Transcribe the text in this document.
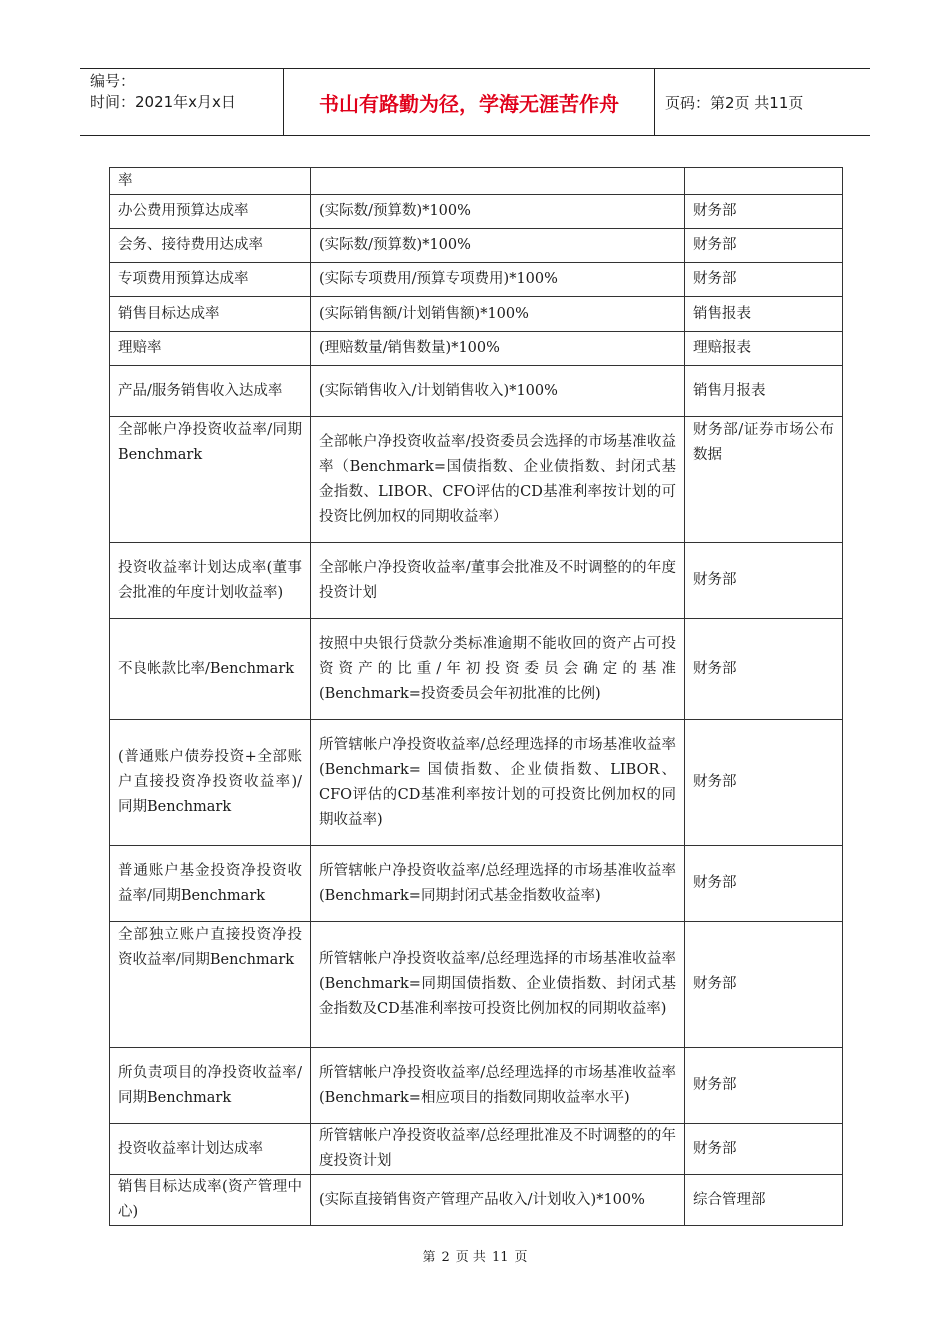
编号：
时间：2021年x月x日	书山有路勤为径，学海无涯苦作舟	页码：第2页 共11页
率		
办公费用预算达成率	(实际数/预算数)*100%	财务部
会务、接待费用达成率	(实际数/预算数)*100%	财务部
专项费用预算达成率	(实际专项费用/预算专项费用)*100%	财务部
销售目标达成率	(实际销售额/计划销售额)*100%	销售报表
理赔率	(理赔数量/销售数量)*100%	理赔报表
产品/服务销售收入达成率	(实际销售收入/计划销售收入)*100%	销售月报表
全部帐户净投资收益率/同期 Benchmark	全部帐户净投资收益率/投资委员会选择的市场基准收益率（Benchmark=国债指数、企业债指数、封闭式基金指数、LIBOR、CFO评估的CD基准利率按计划的可投资比例加权的同期收益率）	财务部/证券市场公布数据
投资收益率计划达成率(董事会批准的年度计划收益率)	全部帐户净投资收益率/董事会批准及不时调整的的年度投资计划	财务部
不良帐款比率/Benchmark	按照中央银行贷款分类标准逾期不能收回的资产占可投资资产的比重/年初投资委员会确定的基准(Benchmark=投资委员会年初批准的比例)	财务部
(普通账户债券投资+全部账户直接投资净投资收益率)/同期Benchmark	所管辖帐户净投资收益率/总经理选择的市场基准收益率(Benchmark= 国债指数、企业债指数、LIBOR、CFO评估的CD基准利率按计划的可投资比例加权的同期收益率)	财务部
普通账户基金投资净投资收益率/同期Benchmark	所管辖帐户净投资收益率/总经理选择的市场基准收益率(Benchmark=同期封闭式基金指数收益率)	财务部
全部独立账户直接投资净投资收益率/同期Benchmark	所管辖帐户净投资收益率/总经理选择的市场基准收益率(Benchmark=同期国债指数、企业债指数、封闭式基金指数及CD基准利率按可投资比例加权的同期收益率)	财务部
所负责项目的净投资收益率/同期Benchmark	所管辖帐户净投资收益率/总经理选择的市场基准收益率(Benchmark=相应项目的指数同期收益率水平)	财务部
投资收益率计划达成率	所管辖帐户净投资收益率/总经理批准及不时调整的的年度投资计划	财务部
销售目标达成率(资产管理中心)	(实际直接销售资产管理产品收入/计划收入)*100%	综合管理部
第 2 页 共 11 页
